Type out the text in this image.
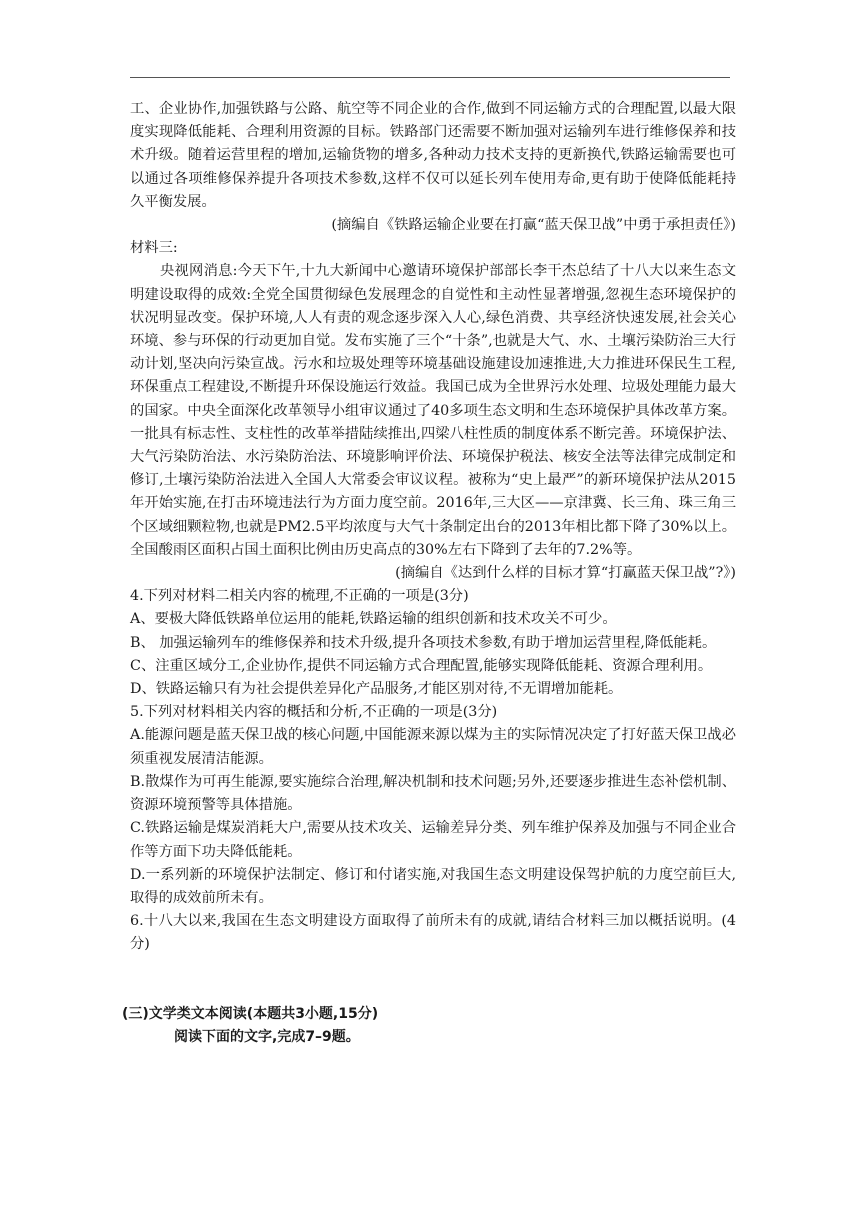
工、企业协作,加强铁路与公路、航空等不同企业的合作,做到不同运输方式的合理配置,以最大限度实现降低能耗、合理利用资源的目标。铁路部门还需要不断加强对运输列车进行维修保养和技术升级。随着运营里程的增加,运输货物的增多,各种动力技术支持的更新换代,铁路运输需要也可以通过各项维修保养提升各项技术参数,这样不仅可以延长列车使用寿命,更有助于使降低能耗持久平衡发展。

(摘编自《铁路运输企业要在打赢“蓝天保卫战”中勇于承担责任》)

材料三:

央视网消息:今天下午,十九大新闻中心邀请环境保护部部长李干杰总结了十八大以来生态文明建设取得的成效:全党全国贯彻绿色发展理念的自觉性和主动性显著增强,忽视生态环境保护的状况明显改变。保护环境,人人有责的观念逐步深入人心,绿色消费、共享经济快速发展,社会关心环境、参与环保的行动更加自觉。发布实施了三个“十条”,也就是大气、水、土壤污染防治三大行动计划,坚决向污染宣战。污水和垃圾处理等环境基础设施建设加速推进,大力推进环保民生工程,环保重点工程建设,不断提升环保设施运行效益。我国已成为全世界污水处理、垃圾处理能力最大的国家。中央全面深化改革领导小组审议通过了40多项生态文明和生态环境保护具体改革方案。一批具有标志性、支柱性的改革举措陆续推出,四梁八柱性质的制度体系不断完善。环境保护法、大气污染防治法、水污染防治法、环境影响评价法、环境保护税法、核安全法等法律完成制定和修订,土壤污染防治法进入全国人大常委会审议议程。被称为“史上最严”的新环境保护法从2015年开始实施,在打击环境违法行为方面力度空前。2016年,三大区——京津冀、长三角、珠三角三个区域细颗粒物,也就是PM2.5平均浓度与大气十条制定出台的2013年相比都下降了30%以上。全国酸雨区面积占国土面积比例由历史高点的30%左右下降到了去年的7.2%等。

(摘编自《达到什么样的目标才算“打赢蓝天保卫战”?》)

4.下列对材料二相关内容的梳理,不正确的一项是(3分)

A、要极大降低铁路单位运用的能耗,铁路运输的组织创新和技术攻关不可少。

B、 加强运输列车的维修保养和技术升级,提升各项技术参数,有助于增加运营里程,降低能耗。

C、注重区域分工,企业协作,提供不同运输方式合理配置,能够实现降低能耗、资源合理利用。

D、铁路运输只有为社会提供差异化产品服务,才能区别对待,不无谓增加能耗。

5.下列对材料相关内容的概括和分析,不正确的一项是(3分)

A.能源问题是蓝天保卫战的核心问题,中国能源来源以煤为主的实际情况决定了打好蓝天保卫战必须重视发展清洁能源。

B.散煤作为可再生能源,要实施综合治理,解决机制和技术问题;另外,还要逐步推进生态补偿机制、资源环境预警等具体措施。

C.铁路运输是煤炭消耗大户,需要从技术攻关、运输差异分类、列车维护保养及加强与不同企业合作等方面下功夫降低能耗。

D.一系列新的环境保护法制定、修订和付诸实施,对我国生态文明建设保驾护航的力度空前巨大,取得的成效前所未有。

6.十八大以来,我国在生态文明建设方面取得了前所未有的成就,请结合材料三加以概括说明。(4分)

(三)文学类文本阅读(本题共3小题,15分)

阅读下面的文字,完成7–9题。
